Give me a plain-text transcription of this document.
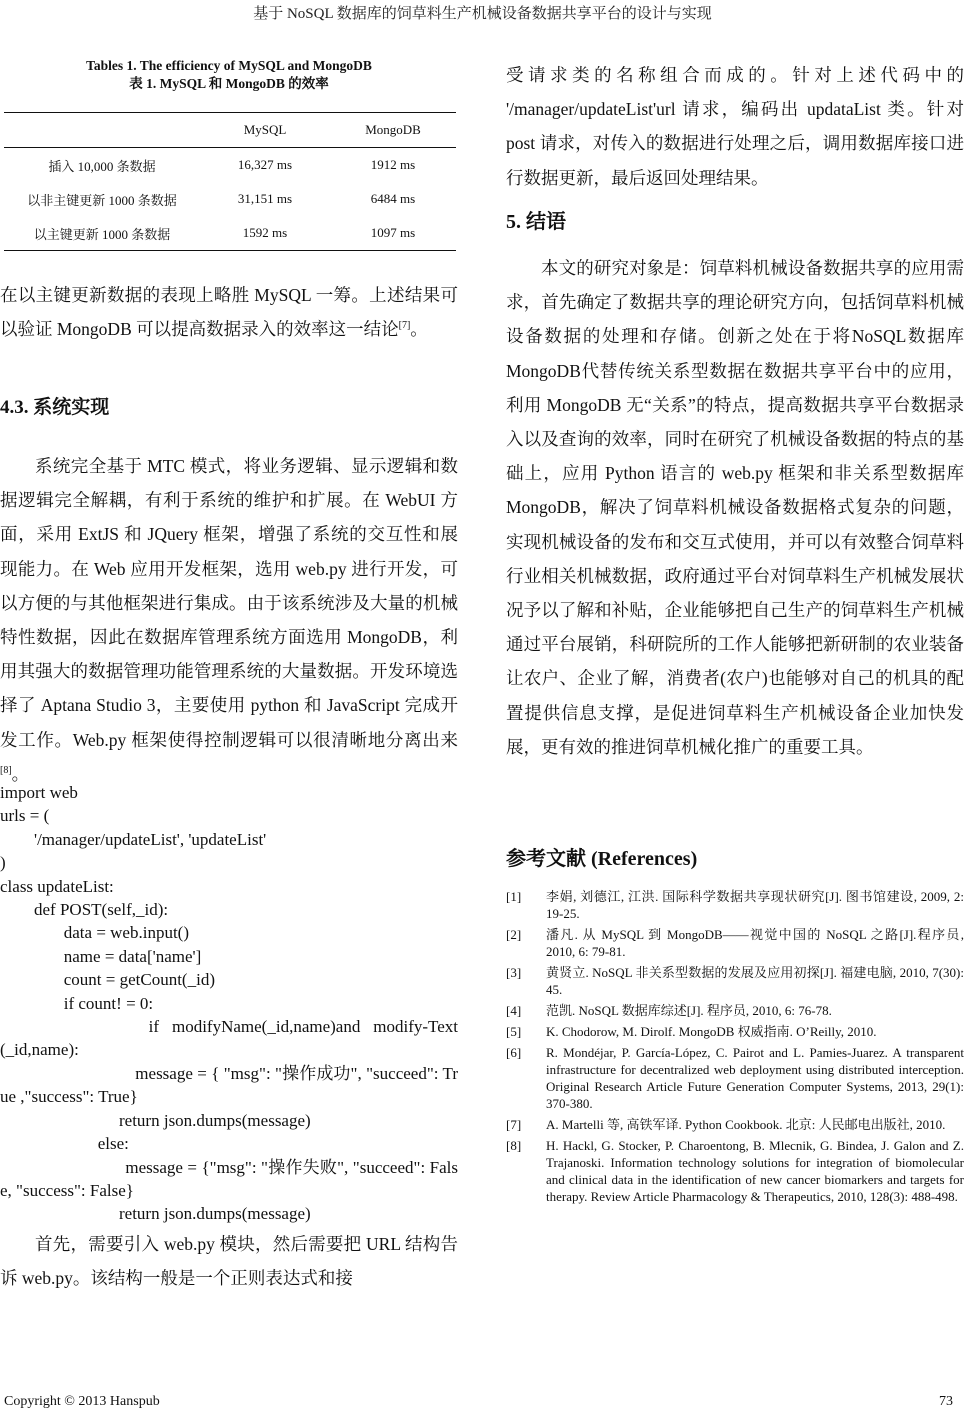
基于 NoSQL 数据库的饲草料生产机械设备数据共享平台的设计与实现
Tables 1. The efficiency of MySQL and MongoDB
表 1. MySQL 和 MongoDB 的效率
	MySQL	MongoDB
插入 10,000 条数据	16,327 ms	1912 ms
以非主键更新 1000 条数据	31,151 ms	6484 ms
以主键更新 1000 条数据	1592 ms	1097 ms

在以主键更新数据的表现上略胜 MySQL 一筹。上述结果可以验证 MongoDB 可以提高数据录入的效率这一结论[7]。

4.3. 系统实现

系统完全基于 MTC 模式，将业务逻辑、显示逻辑和数据逻辑完全解耦，有利于系统的维护和扩展。在 WebUI 方面，采用 ExtJS 和 JQuery 框架，增强了系统的交互性和展现能力。在 Web 应用开发框架，选用 web.py 进行开发，可以方便的与其他框架进行集成。由于该系统涉及大量的机械特性数据，因此在数据库管理系统方面选用 MongoDB，利用其强大的数据管理功能管理系统的大量数据。开发环境选择了 Aptana Studio 3，主要使用 python 和 JavaScript 完成开发工作。Web.py 框架使得控制逻辑可以很清晰地分离出来[8]。

import web
urls = (
'/manager/updateList', 'updateList'
)
class updateList:
def POST(self,_id):
data = web.input()
name = data['name']
count = getCount(_id)
if count! = 0:
if  modifyName(_id,name)and  modify-Text (_id,name):
message = { "msg": "操作成功", "succeed": True ,"success": True}
return json.dumps(message)
else:
message = {"msg": "操作失败", "succeed": False, "success": False}
return json.dumps(message)

首先，需要引入 web.py 模块，然后需要把 URL 结构告诉 web.py。该结构一般是一个正则表达式和接

受请求类的名称组合而成的。针对上述代码中的 '/manager/updateList'url 请求，编码出 updataList 类。针对 post 请求，对传入的数据进行处理之后，调用数据库接口进行数据更新，最后返回处理结果。

5. 结语

本文的研究对象是：饲草料机械设备数据共享的应用需求，首先确定了数据共享的理论研究方向，包括饲草料机械设备数据的处理和存储。创新之处在于将NoSQL数据库MongoDB代替传统关系型数据在数据共享平台中的应用，利用 MongoDB 无“关系”的特点，提高数据共享平台数据录入以及查询的效率，同时在研究了机械设备数据的特点的基础上，应用 Python 语言的 web.py 框架和非关系型数据库 MongoDB，解决了饲草料机械设备数据格式复杂的问题，实现机械设备的发布和交互式使用，并可以有效整合饲草料行业相关机械数据，政府通过平台对饲草料生产机械发展状况予以了解和补贴，企业能够把自己生产的饲草料生产机械通过平台展销，科研院所的工作人能够把新研制的农业装备让农户、企业了解，消费者(农户)也能够对自己的机具的配置提供信息支撑，是促进饲草料生产机械设备企业加快发展，更有效的推进饲草机械化推广的重要工具。

参考文献 (References)
[1]	李娟, 刘德江, 江洪. 国际科学数据共享现状研究[J]. 图书馆建设, 2009, 2: 19-25.
[2]	潘凡. 从 MySQL 到 MongoDB——视觉中国的 NoSQL 之路[J].程序员, 2010, 6: 79-81.
[3]	黄贤立. NoSQL 非关系型数据的发展及应用初探[J]. 福建电脑, 2010, 7(30): 45.
[4]	范凯. NoSQL 数据库综述[J]. 程序员, 2010, 6: 76-78.
[5]	K. Chodorow, M. Dirolf. MongoDB 权威指南. O’Reilly, 2010.
[6]	R. Mondéjar, P. García-López, C. Pairot and L. Pamies-Juarez. A transparent infrastructure for decentralized web deployment using distributed interception. Original Research Article Future Generation Computer Systems, 2013, 29(1): 370-380.
[7]	A. Martelli 等, 高铁军译. Python Cookbook. 北京: 人民邮电出版社, 2010.
[8]	H. Hackl, G. Stocker, P. Charoentong, B. Mlecnik, G. Bindea, J. Galon and Z. Trajanoski. Information technology solutions for integration of biomolecular and clinical data in the identification of new cancer biomarkers and targets for therapy. Review Article Pharmacology & Therapeutics, 2010, 128(3): 488-498.
Copyright © 2013 Hanspub	73
